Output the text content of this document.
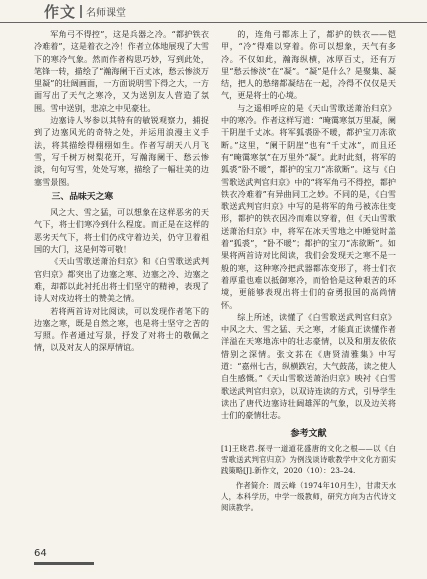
作文 名师课堂

军角弓不得控”，这是兵器之冷。“都护铁衣冷难着”，这是着衣之冷！作者立体地展现了大雪下的寒冷气象。然而作者构思巧妙，写到此处，笔锋一转，描绘了“瀚海阑干百丈冰，愁云惨淡万里凝”的壮阔画面，一方面说明雪下得之大，一方面写出了天气之寒冷，又为送别友人营造了氛围。雪中送别，悲凉之中见豪壮。

边塞诗人岑参以其特有的敏锐观察力，捕捉到了边塞风光的奇特之处，并运用浪漫主义手法，将其描绘得栩栩如生。作者写胡天八月飞雪，写千树万树梨花开，写瀚海阑干、愁云惨淡，句句写雪，处处写寒，描绘了一幅壮美的边塞雪景图。

三、品味天之寒

风之大、雪之猛，可以想象在这样恶劣的天气下，将士们寒冷到什么程度。而正是在这样的恶劣天气下，将士们仍戍守着边关，仍守卫着祖国的大门，这是何等可敬！

《天山雪歌送萧治归京》和《白雪歌送武判官归京》都突出了边塞之寒、边塞之冷、边塞之难，却都以此衬托出将士们坚守的精神，表现了诗人对戍边将士的赞美之情。

若将两首诗对比阅读，可以发现作者笔下的边塞之寒，既是自然之寒，也是将士坚守之苦的写照。作者通过写景，抒发了对将士的敬佩之情，以及对友人的深厚情谊。

的，连角弓都冻上了，都护的铁衣——铠甲，“冷”得难以穿着。你可以想象，天气有多冷。不仅如此，瀚海纵横，冰厚百丈，还有万里“愁云惨淡”在“凝”。“凝”是什么？是聚集、凝结，把人的愁绪都凝结在一起，冷得不仅仅是天气，更是将士的心境。

与之遥相呼应的是《天山雪歌送萧治归京》中的寒冷。作者这样写道：“晻霭寒氛万里凝，阑干阴崖千丈冰。将军狐裘卧不暖，都护宝刀冻欲断。”这里，“阑干阴崖”也有“千丈冰”，而且还有“晻霭寒氛”在万里外“凝”。此时此刻，将军的狐裘“卧不暖”，都护的宝刀“冻欲断”。这与《白雪歌送武判官归京》中的“将军角弓不得控，都护铁衣冷难着”有异曲同工之妙。不同的是，《白雪歌送武判官归京》中写的是将军的角弓被冻住变形，都护的铁衣因冷而难以穿着，但《天山雪歌送萧治归京》中，将军在冰天雪地之中睡觉时盖着“狐裘”，“卧不暖”；都护的宝刀“冻欲断”。如果将两首诗对比阅读，我们会发现天之寒不是一般的寒，这种寒冷把武器都冻变形了，将士们衣着厚重也难以抵御寒冷，而恰恰是这种艰苦的环境，更能够表现出将士们的奋勇报国的高尚情怀。

综上所述，读懂了《白雪歌送武判官归京》中风之大、雪之猛、天之寒，才能真正读懂作者洋溢在天寒地冻中的壮志豪情，以及和朋友依依惜别之深情。张文荪在《唐贤清雅集》中写道：“嘉州七古，纵横跌宕，大气鼓荡，读之使人自生感慨。”《天山雪歌送萧治归京》映衬《白雪歌送武判官归京》，以双诗连读的方式，引导学生读出了唐代边塞诗壮阔雄浑的气象，以及边关将士们的豪情壮志。

参考文献
[1]王晓君.探寻一道道花盛唐的文化之根——以《白雪歌送武判官归京》为例浅谈诗歌教学中文化方面实践策略[J].新作文，2020（10）：23–24.
作者简介：周云峰（1974年10月生），甘肃天水人，本科学历，中学一级教师，研究方向为古代诗文阅读教学。
64
